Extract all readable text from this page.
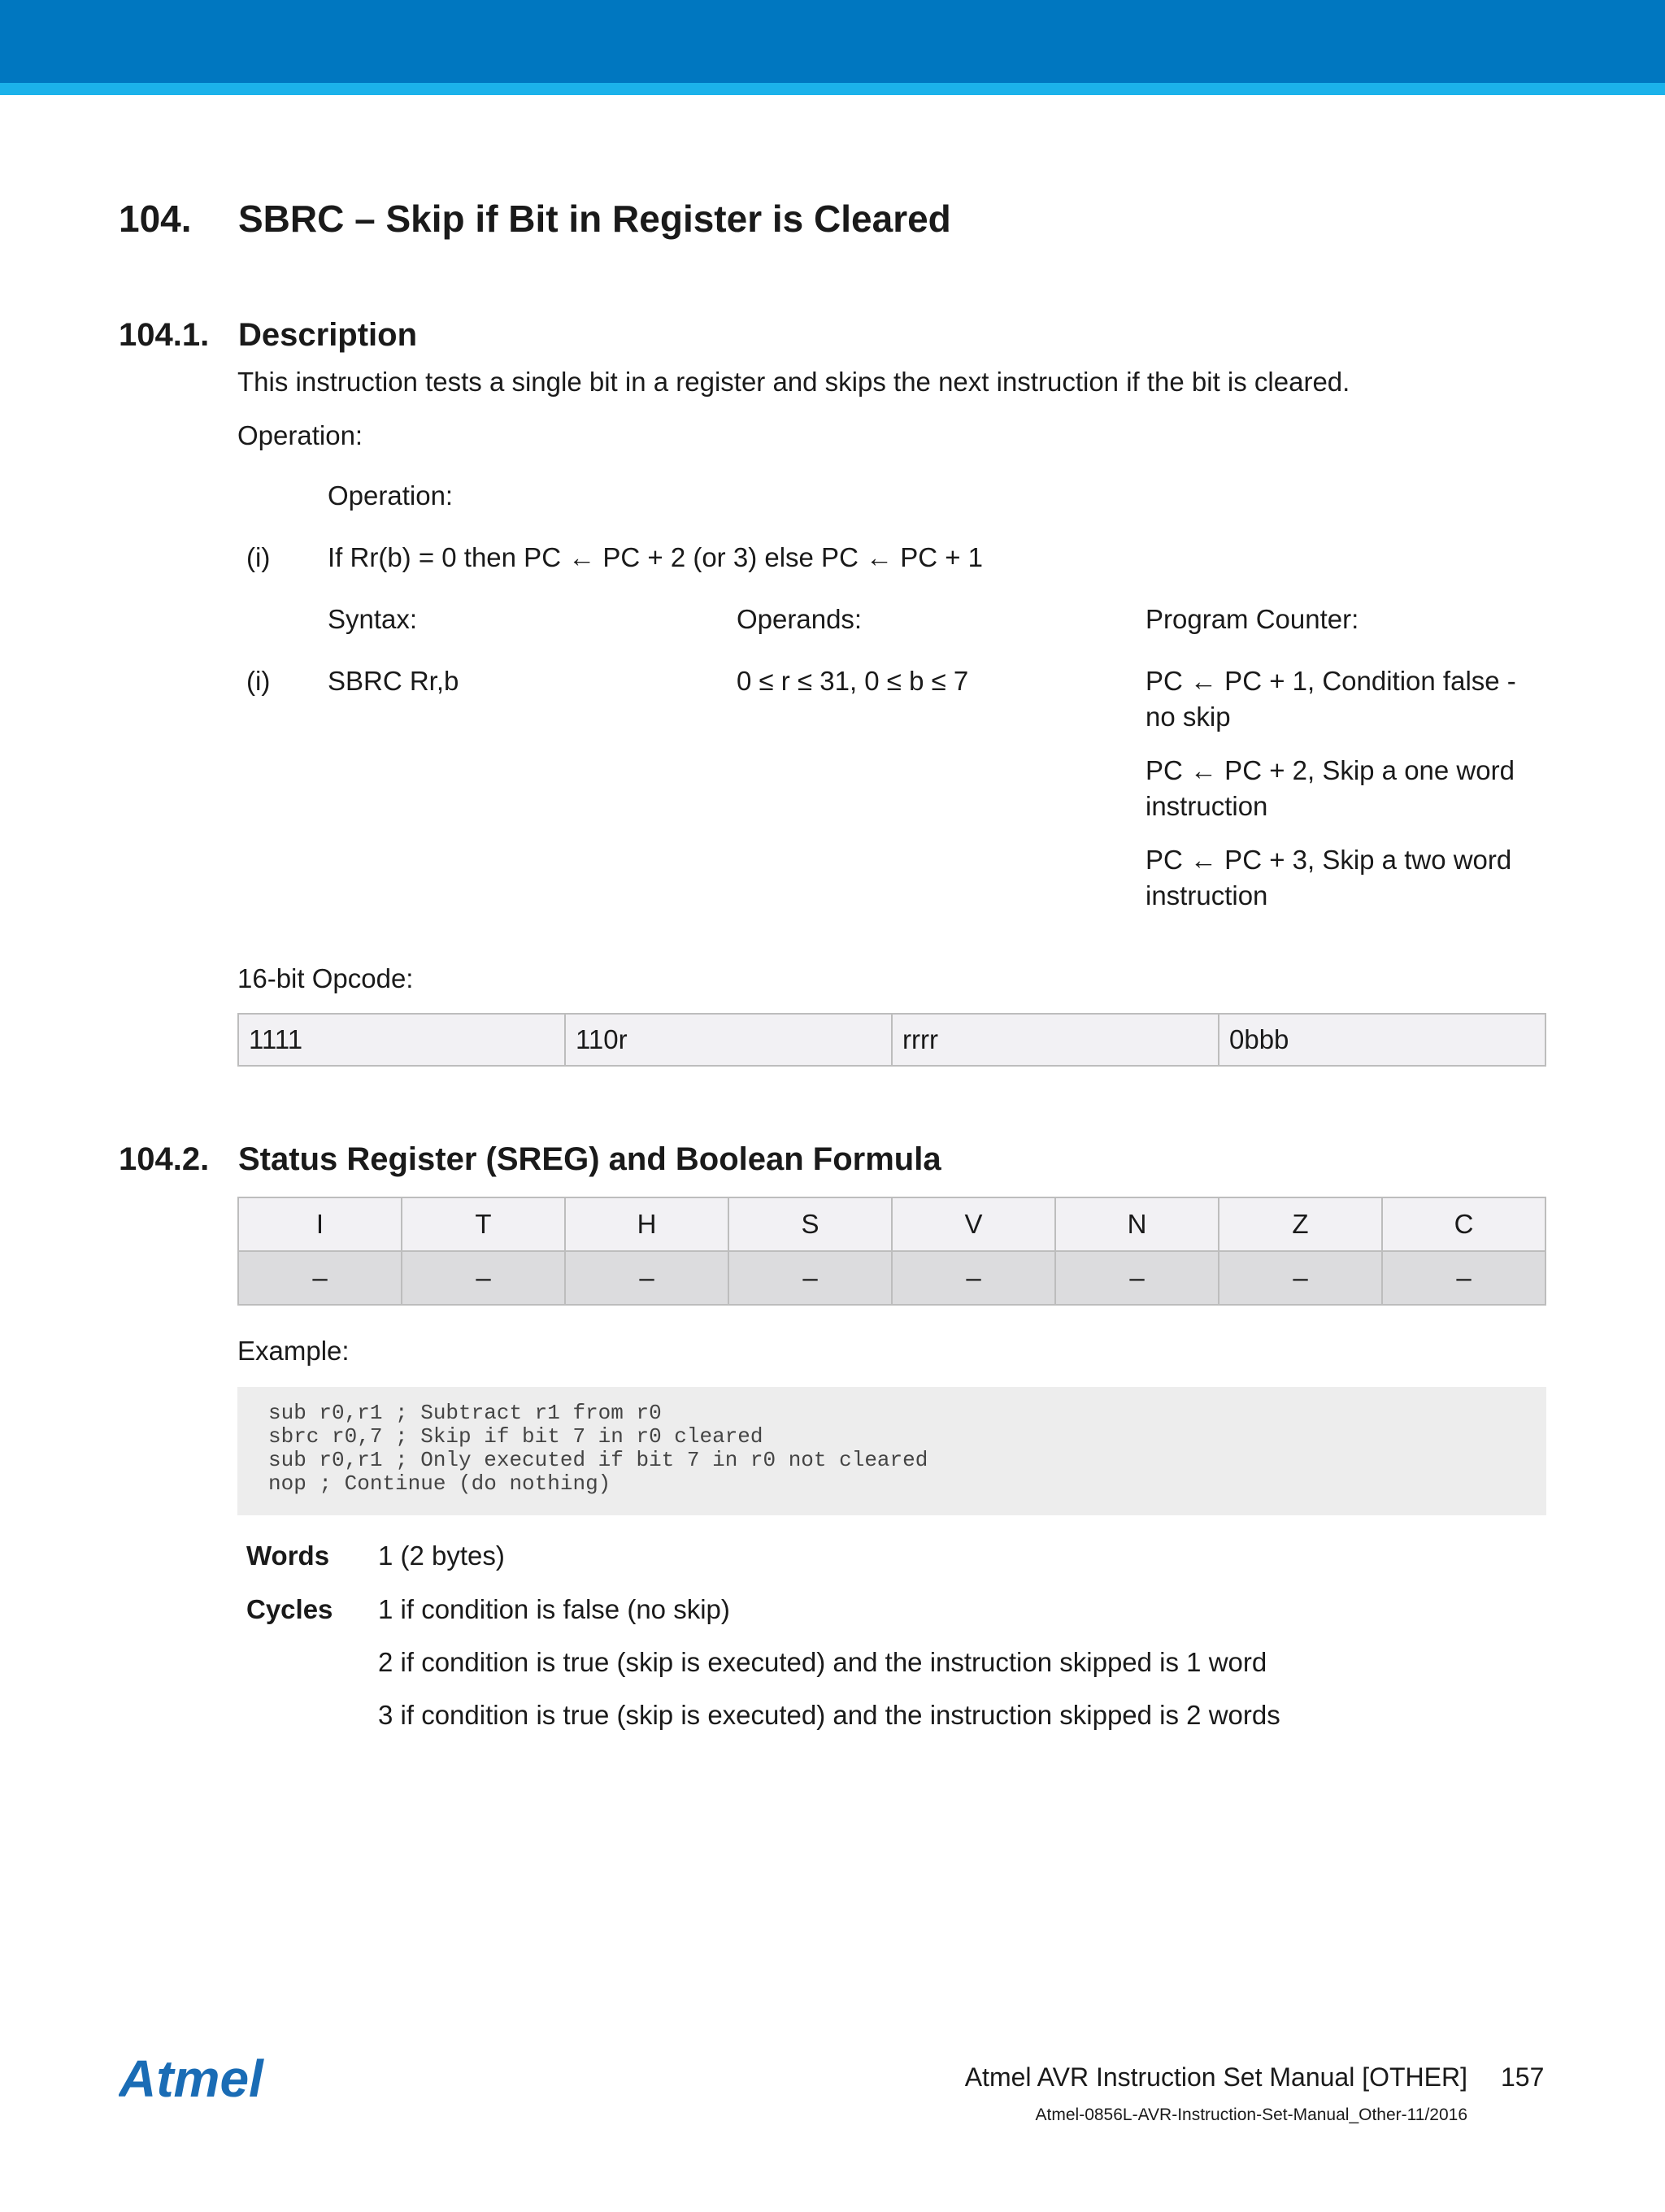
104. SBRC – Skip if Bit in Register is Cleared
104.1. Description
This instruction tests a single bit in a register and skips the next instruction if the bit is cleared.
Operation:
Operation:
(i) If Rr(b) = 0 then PC ← PC + 2 (or 3) else PC ← PC + 1
Syntax:	Operands:	Program Counter:
(i) SBRC Rr,b	0 ≤ r ≤ 31, 0 ≤ b ≤ 7	PC ← PC + 1, Condition false -
no skip
PC ← PC + 2, Skip a one word
instruction
PC ← PC + 3, Skip a two word
instruction
16-bit Opcode:
1111	110r	rrrr	0bbb
104.2. Status Register (SREG) and Boolean Formula
I	T	H	S	V	N	Z	C
–	–	–	–	–	–	–	–
Example:
sub r0,r1 ; Subtract r1 from r0
sbrc r0,7 ; Skip if bit 7 in r0 cleared
sub r0,r1 ; Only executed if bit 7 in r0 not cleared
nop ; Continue (do nothing)
Words 1 (2 bytes)
Cycles 1 if condition is false (no skip)
2 if condition is true (skip is executed) and the instruction skipped is 1 word
3 if condition is true (skip is executed) and the instruction skipped is 2 words
Atmel	Atmel AVR Instruction Set Manual [OTHER] 157
Atmel-0856L-AVR-Instruction-Set-Manual_Other-11/2016
